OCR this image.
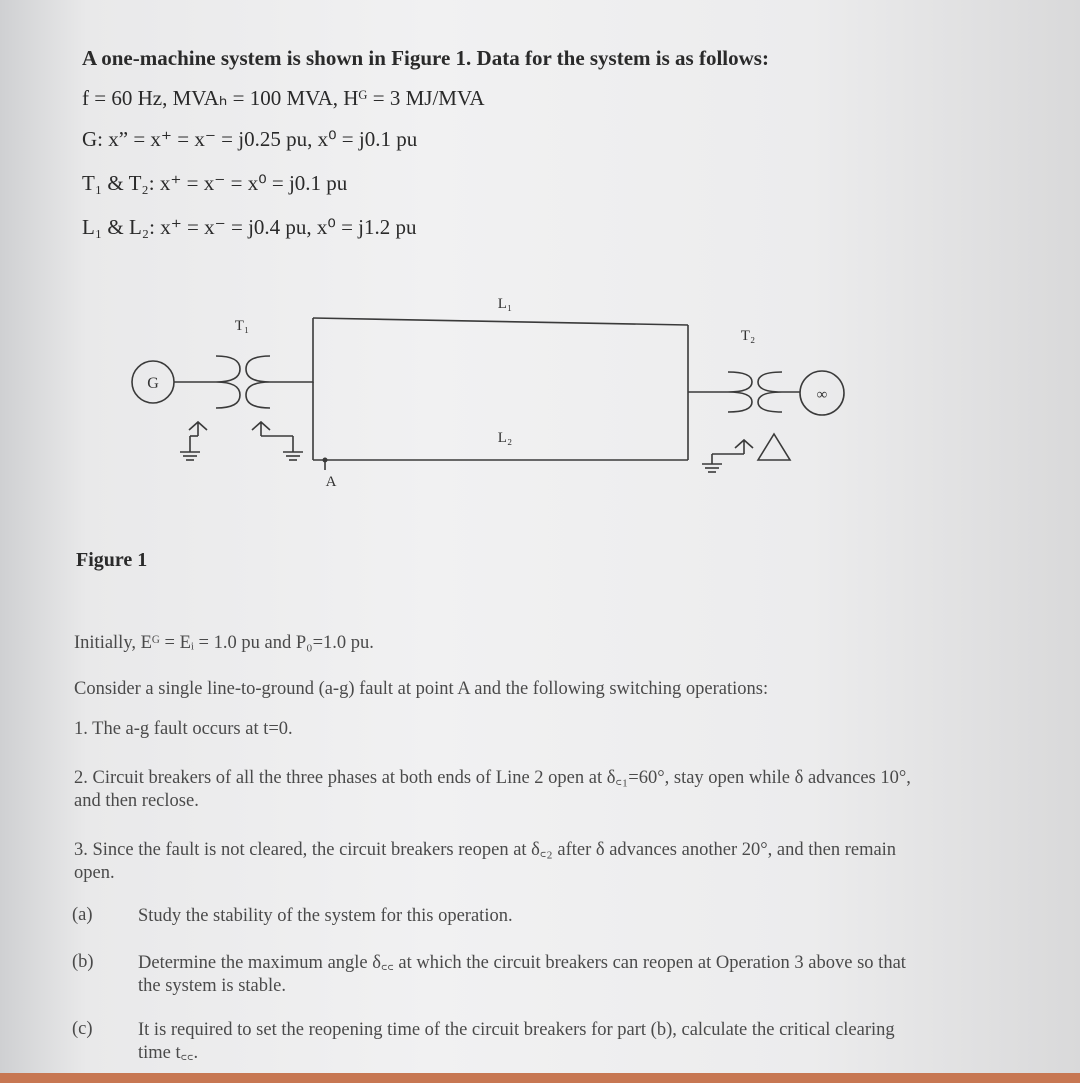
A one-machine system is shown in Figure 1. Data for the system is as follows:
f = 60 Hz, MVAₕ = 100 MVA, Hᴳ = 3 MJ/MVA
G: x” = x⁺ = x⁻ = j0.25 pu, x⁰ = j0.1 pu
T₁ & T₂: x⁺ = x⁻ = x⁰ = j0.1 pu
L₁ & L₂: x⁺ = x⁻ = j0.4 pu, x⁰ = j1.2 pu
G
∞
T₁
T₂
L₁
L₂
A
Figure 1
Initially, Eᴳ = Eᵢ = 1.0 pu and P₀=1.0 pu.
Consider a single line-to-ground (a-g) fault at point A and the following switching operations:
1. The a-g fault occurs at t=0.
2. Circuit breakers of all the three phases at both ends of Line 2 open at δ꜀₁=60°, stay open while δ advances 10°, and then reclose.
3. Since the fault is not cleared, the circuit breakers reopen at δ꜀₂ after δ advances another 20°, and then remain open.
(a) Study the stability of the system for this operation.
(b) Determine the maximum angle δ꜀꜀ at which the circuit breakers can reopen at Operation 3 above so that the system is stable.
(c) It is required to set the reopening time of the circuit breakers for part (b), calculate the critical clearing time t꜀꜀.
